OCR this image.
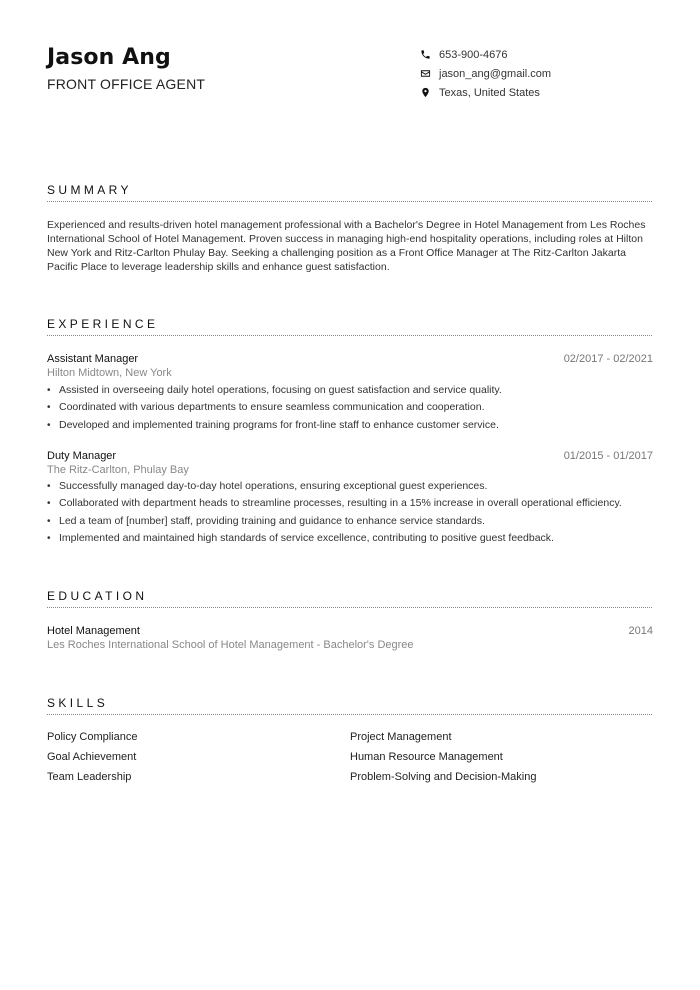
Jason Ang
FRONT OFFICE AGENT
653-900-4676
jason_ang@gmail.com
Texas, United States
SUMMARY
Experienced and results-driven hotel management professional with a Bachelor's Degree in Hotel Management from Les Roches International School of Hotel Management. Proven success in managing high-end hospitality operations, including roles at Hilton New York and Ritz-Carlton Phulay Bay. Seeking a challenging position as a Front Office Manager at The Ritz-Carlton Jakarta Pacific Place to leverage leadership skills and enhance guest satisfaction.
EXPERIENCE
Assistant Manager	02/2017 - 02/2021
Hilton Midtown, New York
• Assisted in overseeing daily hotel operations, focusing on guest satisfaction and service quality.
• Coordinated with various departments to ensure seamless communication and cooperation.
• Developed and implemented training programs for front-line staff to enhance customer service.
Duty Manager	01/2015 - 01/2017
The Ritz-Carlton, Phulay Bay
• Successfully managed day-to-day hotel operations, ensuring exceptional guest experiences.
• Collaborated with department heads to streamline processes, resulting in a 15% increase in overall operational efficiency.
• Led a team of [number] staff, providing training and guidance to enhance service standards.
• Implemented and maintained high standards of service excellence, contributing to positive guest feedback.
EDUCATION
Hotel Management	2014
Les Roches International School of Hotel Management - Bachelor's Degree
SKILLS
Policy Compliance
Goal Achievement
Team Leadership
Project Management
Human Resource Management
Problem-Solving and Decision-Making
